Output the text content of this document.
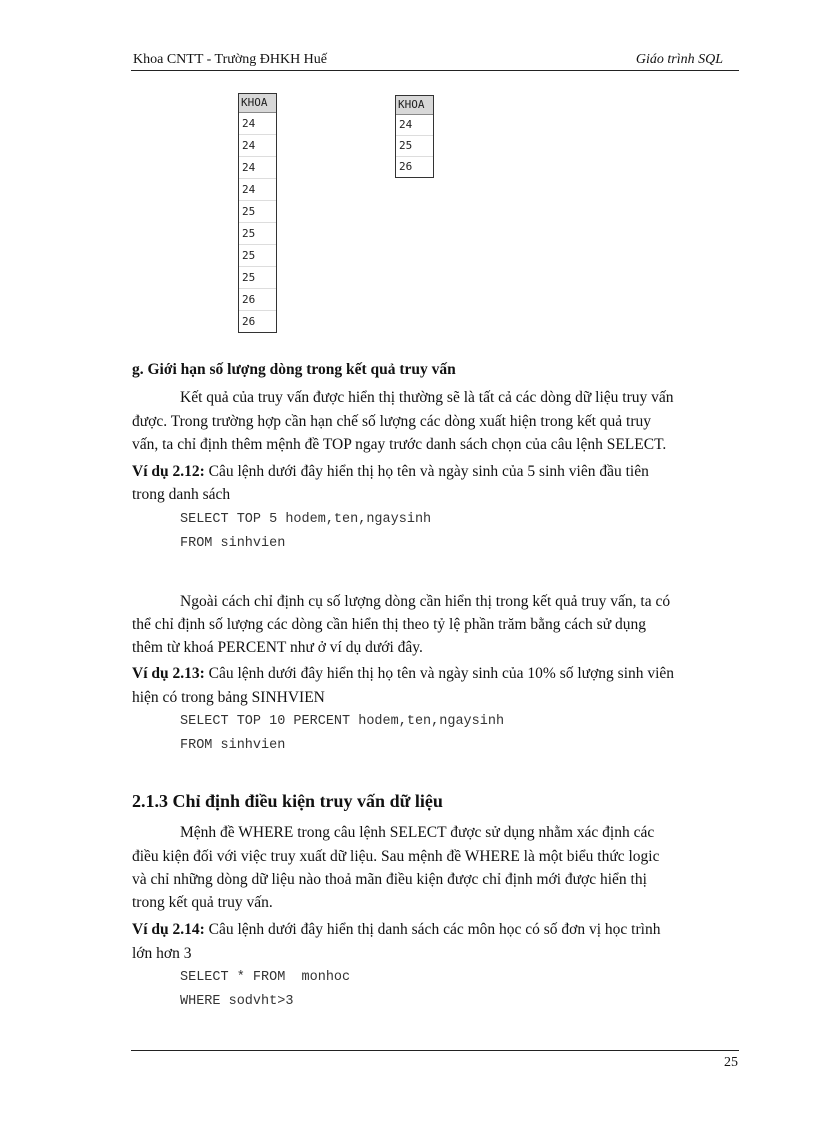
Khoa CNTT - Trường ĐHKH Huế	Giáo trình SQL
KHOA
24
24
24
24
25
25
25
25
26
26
KHOA
24
25
26
g. Giới hạn số lượng dòng trong kết quả truy vấn
Kết quả của truy vấn được hiển thị thường sẽ là tất cả các dòng dữ liệu truy vấn
được. Trong trường hợp cần hạn chế số lượng các dòng xuất hiện trong kết quả truy
vấn, ta chỉ định thêm mệnh đề TOP ngay trước danh sách chọn của câu lệnh SELECT.
Ví dụ 2.12: Câu lệnh dưới đây hiển thị họ tên và ngày sinh của 5 sinh viên đầu tiên
trong danh sách
SELECT TOP 5 hodem,ten,ngaysinh
FROM sinhvien
Ngoài cách chỉ định cụ số lượng dòng cần hiển thị trong kết quả truy vấn, ta có
thể chỉ định số lượng các dòng cần hiển thị theo tỷ lệ phần trăm bằng cách sử dụng
thêm từ khoá PERCENT như ở ví dụ dưới đây.
Ví dụ 2.13: Câu lệnh dưới đây hiển thị họ tên và ngày sinh của 10% số lượng sinh viên
hiện có trong bảng SINHVIEN
SELECT TOP 10 PERCENT hodem,ten,ngaysinh
FROM sinhvien
2.1.3 Chỉ định điều kiện truy vấn dữ liệu
Mệnh đề WHERE trong câu lệnh SELECT được sử dụng nhằm xác định các
điều kiện đối với việc truy xuất dữ liệu. Sau mệnh đề WHERE là một biểu thức logic
và chỉ những dòng dữ liệu nào thoả mãn điều kiện được chỉ định mới được hiển thị
trong kết quả truy vấn.
Ví dụ 2.14: Câu lệnh dưới đây hiển thị danh sách các môn học có số đơn vị học trình
lớn hơn 3
SELECT * FROM  monhoc
WHERE sodvht>3
25
